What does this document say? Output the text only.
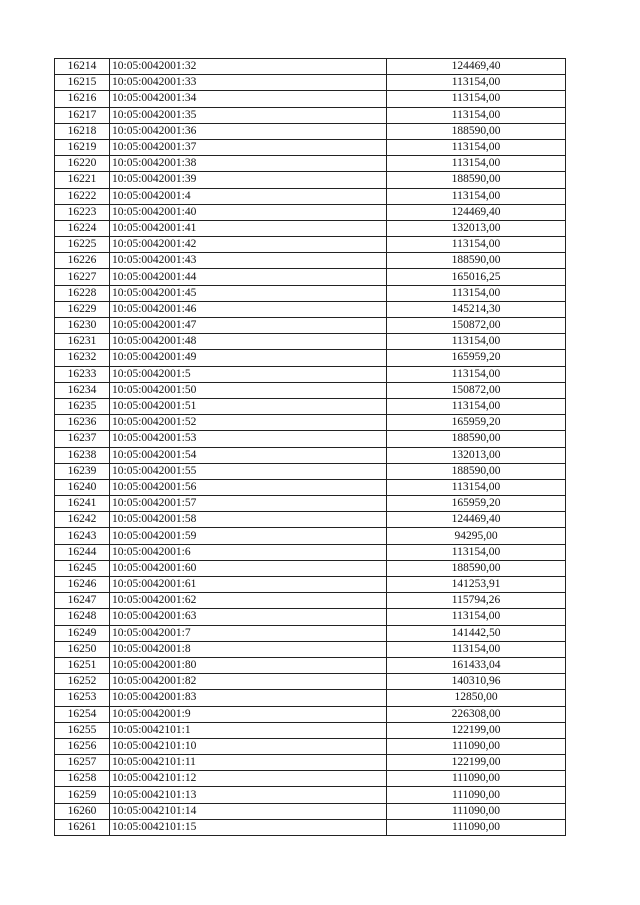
16214	10:05:0042001:32	124469,40
16215	10:05:0042001:33	113154,00
16216	10:05:0042001:34	113154,00
16217	10:05:0042001:35	113154,00
16218	10:05:0042001:36	188590,00
16219	10:05:0042001:37	113154,00
16220	10:05:0042001:38	113154,00
16221	10:05:0042001:39	188590,00
16222	10:05:0042001:4	113154,00
16223	10:05:0042001:40	124469,40
16224	10:05:0042001:41	132013,00
16225	10:05:0042001:42	113154,00
16226	10:05:0042001:43	188590,00
16227	10:05:0042001:44	165016,25
16228	10:05:0042001:45	113154,00
16229	10:05:0042001:46	145214,30
16230	10:05:0042001:47	150872,00
16231	10:05:0042001:48	113154,00
16232	10:05:0042001:49	165959,20
16233	10:05:0042001:5	113154,00
16234	10:05:0042001:50	150872,00
16235	10:05:0042001:51	113154,00
16236	10:05:0042001:52	165959,20
16237	10:05:0042001:53	188590,00
16238	10:05:0042001:54	132013,00
16239	10:05:0042001:55	188590,00
16240	10:05:0042001:56	113154,00
16241	10:05:0042001:57	165959,20
16242	10:05:0042001:58	124469,40
16243	10:05:0042001:59	94295,00
16244	10:05:0042001:6	113154,00
16245	10:05:0042001:60	188590,00
16246	10:05:0042001:61	141253,91
16247	10:05:0042001:62	115794,26
16248	10:05:0042001:63	113154,00
16249	10:05:0042001:7	141442,50
16250	10:05:0042001:8	113154,00
16251	10:05:0042001:80	161433,04
16252	10:05:0042001:82	140310,96
16253	10:05:0042001:83	12850,00
16254	10:05:0042001:9	226308,00
16255	10:05:0042101:1	122199,00
16256	10:05:0042101:10	111090,00
16257	10:05:0042101:11	122199,00
16258	10:05:0042101:12	111090,00
16259	10:05:0042101:13	111090,00
16260	10:05:0042101:14	111090,00
16261	10:05:0042101:15	111090,00
